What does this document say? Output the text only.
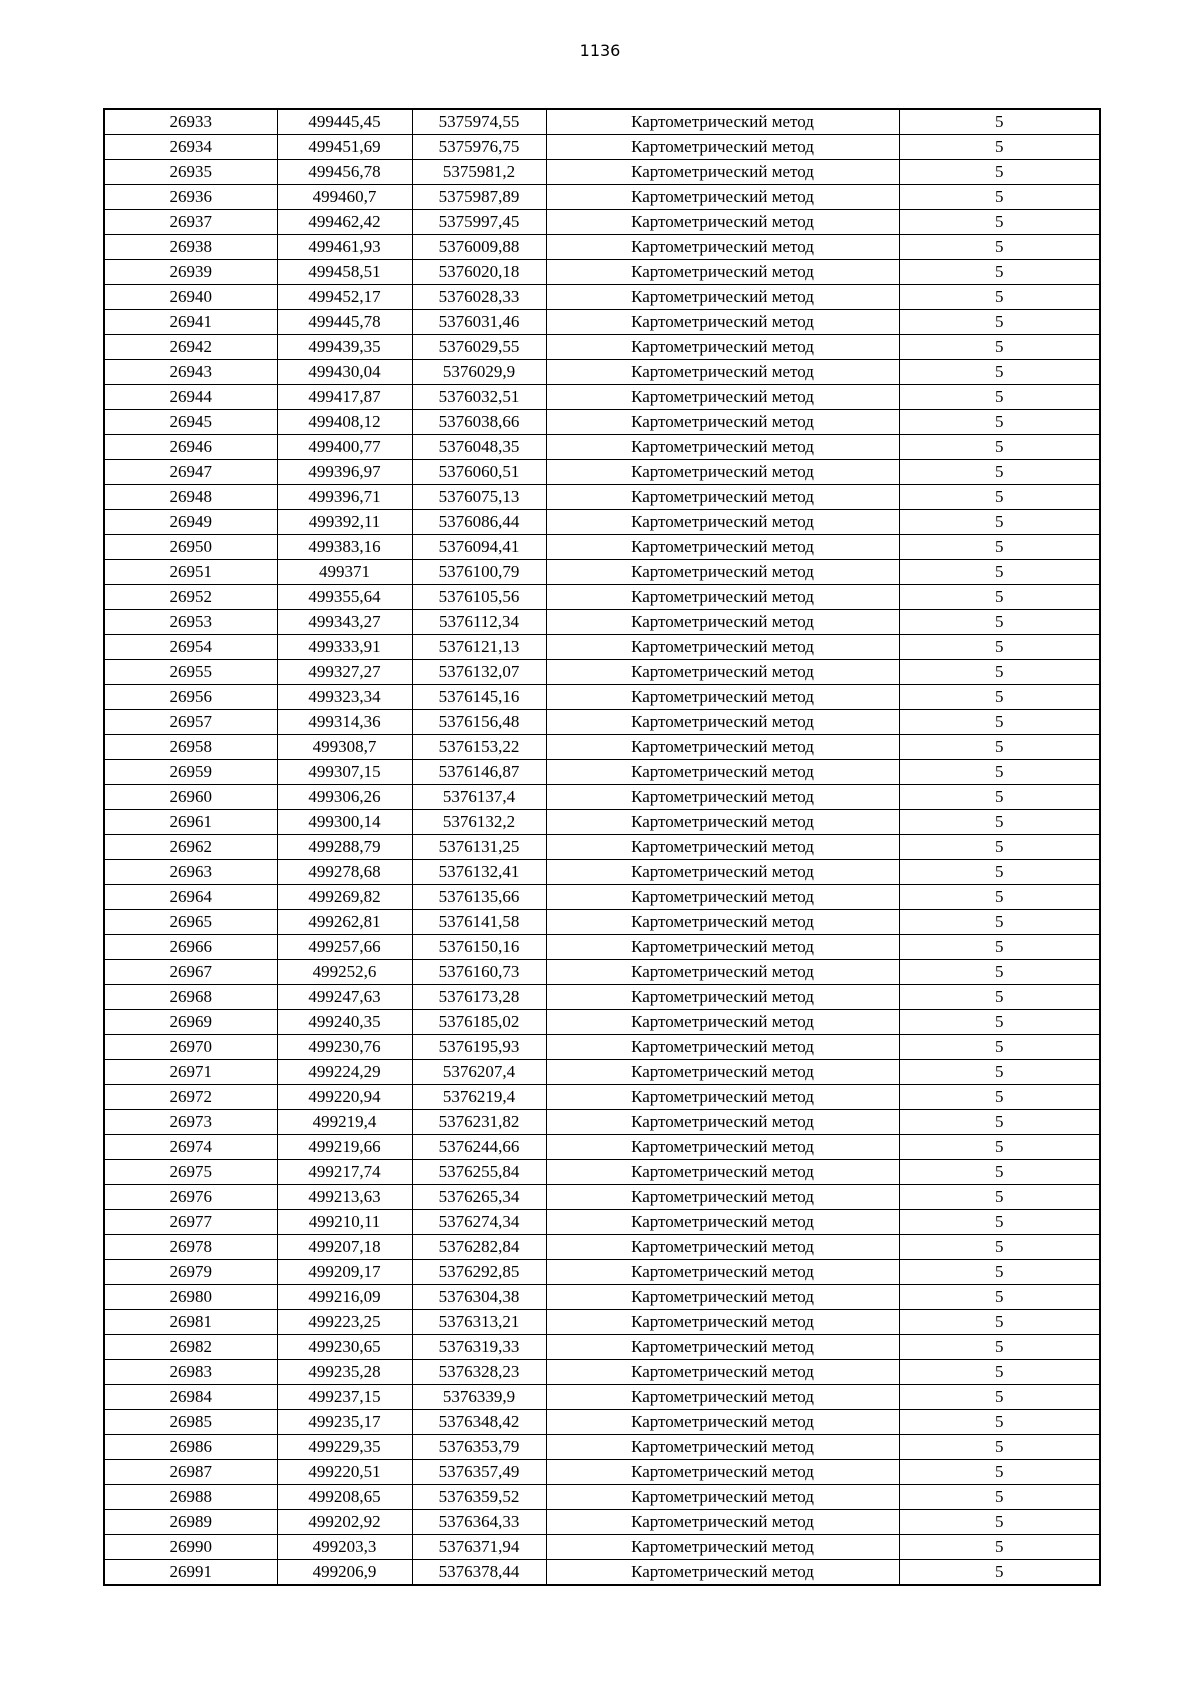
1136
26933	499445,45	5375974,55	Картометрический метод	5
26934	499451,69	5375976,75	Картометрический метод	5
26935	499456,78	5375981,2	Картометрический метод	5
26936	499460,7	5375987,89	Картометрический метод	5
26937	499462,42	5375997,45	Картометрический метод	5
26938	499461,93	5376009,88	Картометрический метод	5
26939	499458,51	5376020,18	Картометрический метод	5
26940	499452,17	5376028,33	Картометрический метод	5
26941	499445,78	5376031,46	Картометрический метод	5
26942	499439,35	5376029,55	Картометрический метод	5
26943	499430,04	5376029,9	Картометрический метод	5
26944	499417,87	5376032,51	Картометрический метод	5
26945	499408,12	5376038,66	Картометрический метод	5
26946	499400,77	5376048,35	Картометрический метод	5
26947	499396,97	5376060,51	Картометрический метод	5
26948	499396,71	5376075,13	Картометрический метод	5
26949	499392,11	5376086,44	Картометрический метод	5
26950	499383,16	5376094,41	Картометрический метод	5
26951	499371	5376100,79	Картометрический метод	5
26952	499355,64	5376105,56	Картометрический метод	5
26953	499343,27	5376112,34	Картометрический метод	5
26954	499333,91	5376121,13	Картометрический метод	5
26955	499327,27	5376132,07	Картометрический метод	5
26956	499323,34	5376145,16	Картометрический метод	5
26957	499314,36	5376156,48	Картометрический метод	5
26958	499308,7	5376153,22	Картометрический метод	5
26959	499307,15	5376146,87	Картометрический метод	5
26960	499306,26	5376137,4	Картометрический метод	5
26961	499300,14	5376132,2	Картометрический метод	5
26962	499288,79	5376131,25	Картометрический метод	5
26963	499278,68	5376132,41	Картометрический метод	5
26964	499269,82	5376135,66	Картометрический метод	5
26965	499262,81	5376141,58	Картометрический метод	5
26966	499257,66	5376150,16	Картометрический метод	5
26967	499252,6	5376160,73	Картометрический метод	5
26968	499247,63	5376173,28	Картометрический метод	5
26969	499240,35	5376185,02	Картометрический метод	5
26970	499230,76	5376195,93	Картометрический метод	5
26971	499224,29	5376207,4	Картометрический метод	5
26972	499220,94	5376219,4	Картометрический метод	5
26973	499219,4	5376231,82	Картометрический метод	5
26974	499219,66	5376244,66	Картометрический метод	5
26975	499217,74	5376255,84	Картометрический метод	5
26976	499213,63	5376265,34	Картометрический метод	5
26977	499210,11	5376274,34	Картометрический метод	5
26978	499207,18	5376282,84	Картометрический метод	5
26979	499209,17	5376292,85	Картометрический метод	5
26980	499216,09	5376304,38	Картометрический метод	5
26981	499223,25	5376313,21	Картометрический метод	5
26982	499230,65	5376319,33	Картометрический метод	5
26983	499235,28	5376328,23	Картометрический метод	5
26984	499237,15	5376339,9	Картометрический метод	5
26985	499235,17	5376348,42	Картометрический метод	5
26986	499229,35	5376353,79	Картометрический метод	5
26987	499220,51	5376357,49	Картометрический метод	5
26988	499208,65	5376359,52	Картометрический метод	5
26989	499202,92	5376364,33	Картометрический метод	5
26990	499203,3	5376371,94	Картометрический метод	5
26991	499206,9	5376378,44	Картометрический метод	5
